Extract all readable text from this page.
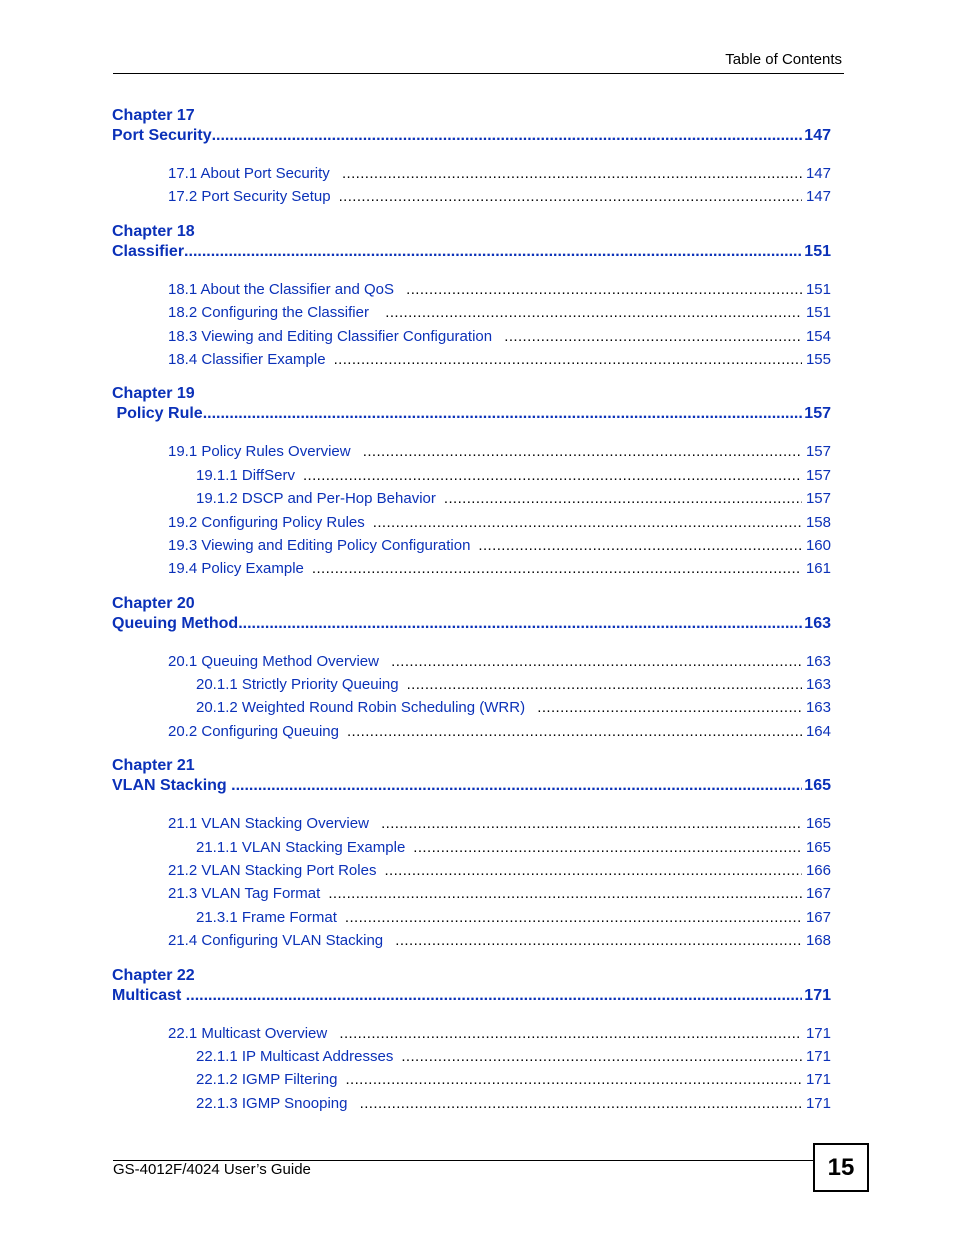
Table of Contents
Chapter 17
Port Security .....	147
17.1 About Port Security .....	147
17.2 Port Security Setup .....	147
Chapter 18
Classifier .....	151
18.1 About the Classifier and QoS .....	151
18.2 Configuring the Classifier .....	151
18.3 Viewing and Editing Classifier Configuration .....	154
18.4 Classifier Example .....	155
Chapter 19
Policy Rule .....	157
19.1 Policy Rules Overview .....	157
19.1.1 DiffServ .....	157
19.1.2 DSCP and Per-Hop Behavior .....	157
19.2 Configuring Policy Rules .....	158
19.3 Viewing and Editing Policy Configuration .....	160
19.4 Policy Example .....	161
Chapter 20
Queuing Method .....	163
20.1 Queuing Method Overview .....	163
20.1.1 Strictly Priority Queuing .....	163
20.1.2 Weighted Round Robin Scheduling (WRR) .....	163
20.2 Configuring Queuing .....	164
Chapter 21
VLAN Stacking .....	165
21.1 VLAN Stacking Overview .....	165
21.1.1 VLAN Stacking Example .....	165
21.2 VLAN Stacking Port Roles .....	166
21.3 VLAN Tag Format .....	167
21.3.1 Frame Format .....	167
21.4 Configuring VLAN Stacking .....	168
Chapter 22
Multicast .....	171
22.1 Multicast Overview .....	171
22.1.1 IP Multicast Addresses .....	171
22.1.2 IGMP Filtering .....	171
22.1.3 IGMP Snooping .....	171
GS-4012F/4024 User’s Guide	15
